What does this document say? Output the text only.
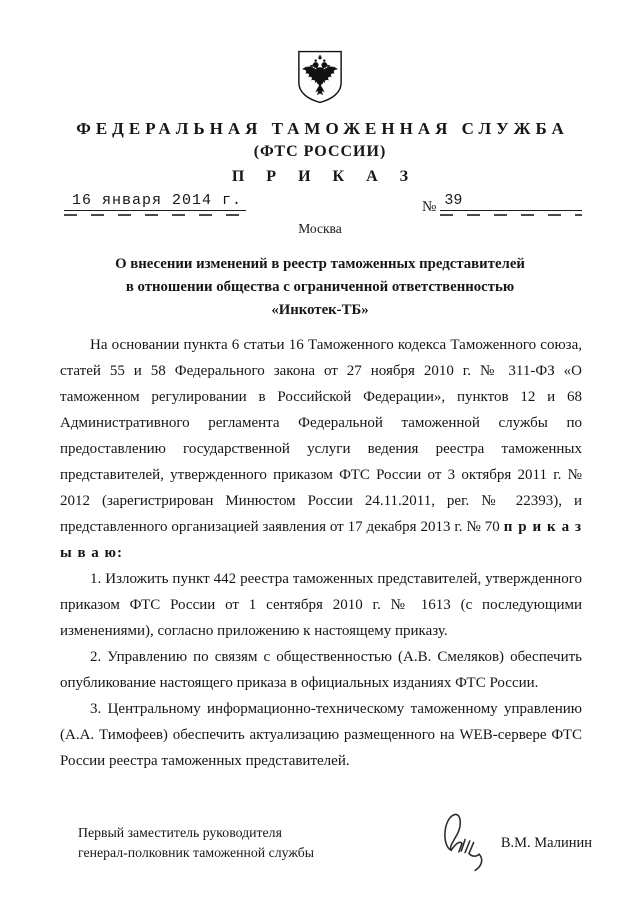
ФЕДЕРАЛЬНАЯ ТАМОЖЕННАЯ СЛУЖБА
(ФТС РОССИИ)
П Р И К А З
16 января 2014 г.	№ 39
Москва
О внесении изменений в реестр таможенных представителей
в отношении общества с ограниченной ответственностью
«Инкотек-ТБ»

На основании пункта 6 статьи 16 Таможенного кодекса Таможенного союза, статей 55 и 58 Федерального закона от 27 ноября 2010 г. № 311-ФЗ «О таможенном регулировании в Российской Федерации», пунктов 12 и 68 Административного регламента Федеральной таможенной службы по предоставлению государственной услуги ведения реестра таможенных представителей, утвержденного приказом ФТС России от 3 октября 2011 г. № 2012 (зарегистрирован Минюстом России 24.11.2011, рег. № 22393), и представленного организацией заявления от 17 декабря 2013 г. № 70 п р и к а з ы в а ю:

1. Изложить пункт 442 реестра таможенных представителей, утвержденного приказом ФТС России от 1 сентября 2010 г. № 1613 (с последующими изменениями), согласно приложению к настоящему приказу.

2. Управлению по связям с общественностью (А.В. Смеляков) обеспечить опубликование настоящего приказа в официальных изданиях ФТС России.

3. Центральному информационно-техническому таможенному управлению (А.А. Тимофеев) обеспечить актуализацию размещенного на WEB-сервере ФТС России реестра таможенных представителей.

Первый заместитель руководителя
генерал-полковник таможенной службы
В.М. Малинин
